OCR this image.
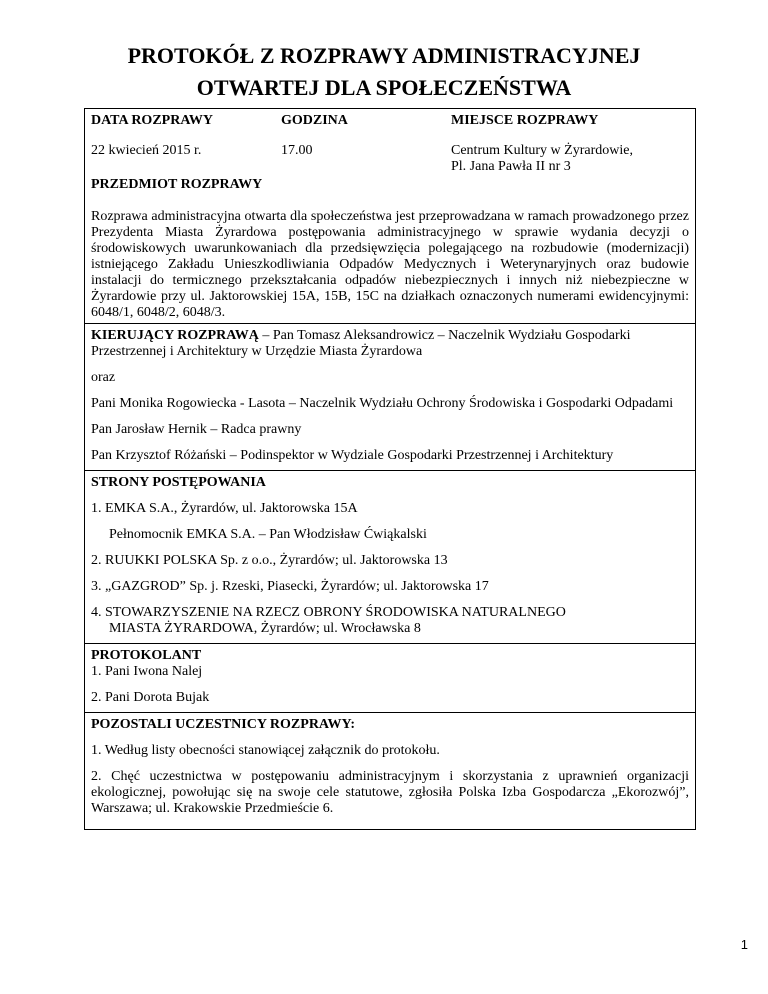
PROTOKÓŁ Z ROZPRAWY ADMINISTRACYJNEJ
OTWARTEJ DLA SPOŁECZEŃSTWA
DATA ROZPRAWY	GODZINA	MIEJSCE ROZPRAWY
22 kwiecień 2015 r.	17.00	Centrum Kultury w Żyrardowie,
Pl. Jana Pawła II nr 3

PRZEDMIOT ROZPRAWY

Rozprawa administracyjna otwarta dla społeczeństwa jest przeprowadzana w ramach prowadzonego przez Prezydenta Miasta Żyrardowa postępowania administracyjnego w sprawie wydania decyzji o środowiskowych uwarunkowaniach dla przedsięwzięcia polegającego na rozbudowie (modernizacji) istniejącego Zakładu Unieszkodliwiania Odpadów Medycznych i Weterynaryjnych oraz budowie instalacji do termicznego przekształcania odpadów niebezpiecznych i innych niż niebezpieczne w Żyrardowie przy ul. Jaktorowskiej 15A, 15B, 15C na działkach oznaczonych numerami ewidencyjnymi: 6048/1, 6048/2, 6048/3.

KIERUJĄCY ROZPRAWĄ – Pan Tomasz Aleksandrowicz – Naczelnik Wydziału Gospodarki Przestrzennej i Architektury w Urzędzie Miasta Żyrardowa

oraz

Pani Monika Rogowiecka - Lasota – Naczelnik Wydziału Ochrony Środowiska i Gospodarki Odpadami

Pan Jarosław Hernik – Radca prawny

Pan Krzysztof Różański – Podinspektor w Wydziale Gospodarki Przestrzennej i Architektury

STRONY POSTĘPOWANIA

1. EMKA S.A., Żyrardów, ul. Jaktorowska 15A

Pełnomocnik EMKA S.A. – Pan Włodzisław Ćwiąkalski

2. RUUKKI POLSKA Sp. z o.o., Żyrardów; ul. Jaktorowska 13

3. „GAZGROD” Sp. j. Rzeski, Piasecki, Żyrardów; ul. Jaktorowska 17

4. STOWARZYSZENIE NA RZECZ OBRONY ŚRODOWISKA NATURALNEGO

MIASTA ŻYRARDOWA, Żyrardów; ul. Wrocławska 8

PROTOKOLANT

1. Pani Iwona Nalej

2. Pani Dorota Bujak

POZOSTALI UCZESTNICY ROZPRAWY:

1. Według listy obecności stanowiącej załącznik do protokołu.

2. Chęć uczestnictwa w postępowaniu administracyjnym i skorzystania z uprawnień organizacji ekologicznej, powołując się na swoje cele statutowe, zgłosiła Polska Izba Gospodarcza „Ekorozwój”, Warszawa; ul. Krakowskie Przedmieście 6.

1
